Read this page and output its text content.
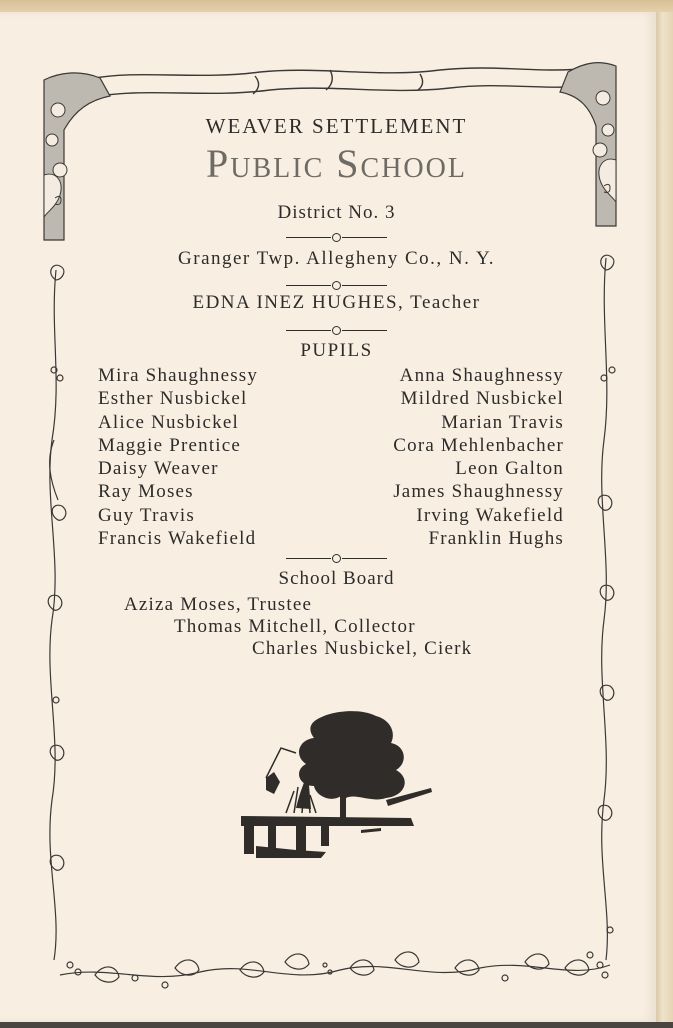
WEAVER SETTLEMENT
Public School
District No. 3
Granger Twp. Allegheny Co., N. Y.
EDNA INEZ HUGHES, Teacher
PUPILS
Mira Shaughnessy
Esther Nusbickel
Alice Nusbickel
Maggie Prentice
Daisy Weaver
Ray Moses
Guy Travis
Francis Wakefield
Anna Shaughnessy
Mildred Nusbickel
Marian Travis
Cora Mehlenbacher
Leon Galton
James Shaughnessy
Irving Wakefield
Franklin Hughs
School Board
Aziza Moses, Trustee
Thomas Mitchell, Collector
Charles Nusbickel, Cierk
